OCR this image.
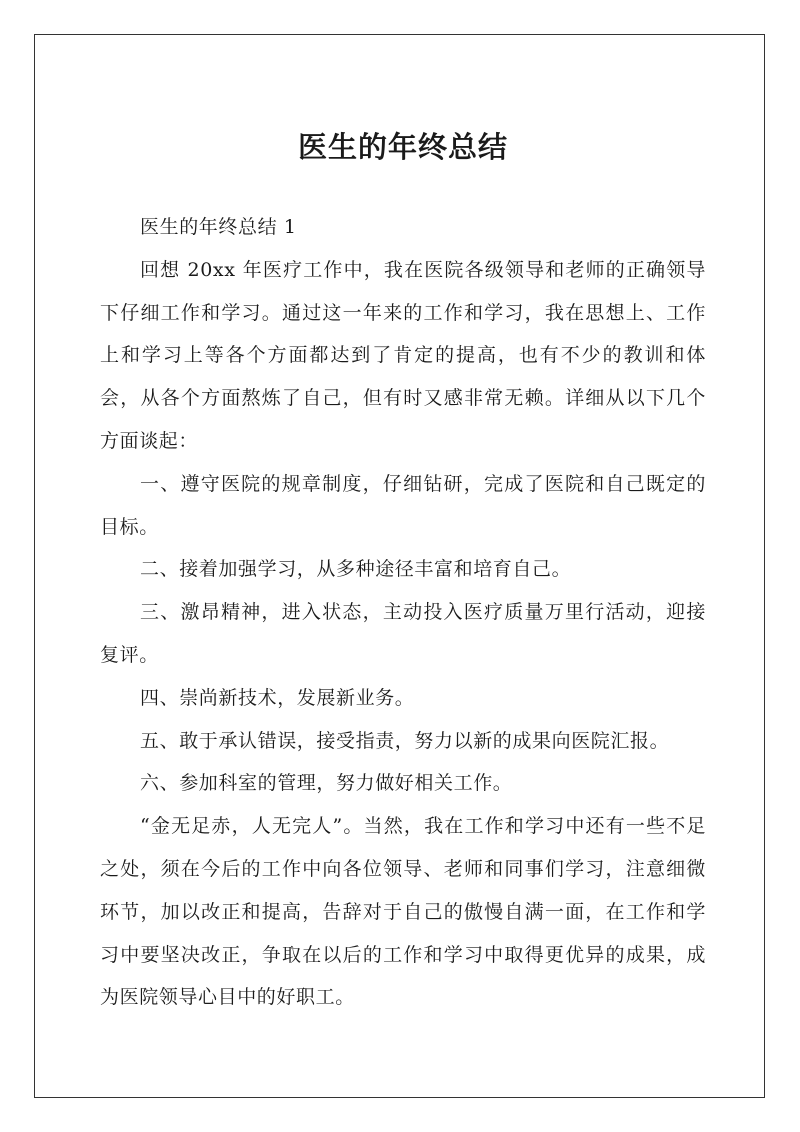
医生的年终总结

医生的年终总结 1

回想 20xx 年医疗工作中，我在医院各级领导和老师的正确领导下仔细工作和学习。通过这一年来的工作和学习，我在思想上、工作上和学习上等各个方面都达到了肯定的提高，也有不少的教训和体会，从各个方面熬炼了自己，但有时又感非常无赖。详细从以下几个方面谈起：

一、遵守医院的规章制度，仔细钻研，完成了医院和自己既定的目标。

二、接着加强学习，从多种途径丰富和培育自己。

三、激昂精神，进入状态，主动投入医疗质量万里行活动，迎接复评。

四、崇尚新技术，发展新业务。

五、敢于承认错误，接受指责，努力以新的成果向医院汇报。

六、参加科室的管理，努力做好相关工作。

“金无足赤，人无完人”。当然，我在工作和学习中还有一些不足之处，须在今后的工作中向各位领导、老师和同事们学习，注意细微环节，加以改正和提高，告辞对于自己的傲慢自满一面，在工作和学习中要坚决改正，争取在以后的工作和学习中取得更优异的成果，成为医院领导心目中的好职工。
